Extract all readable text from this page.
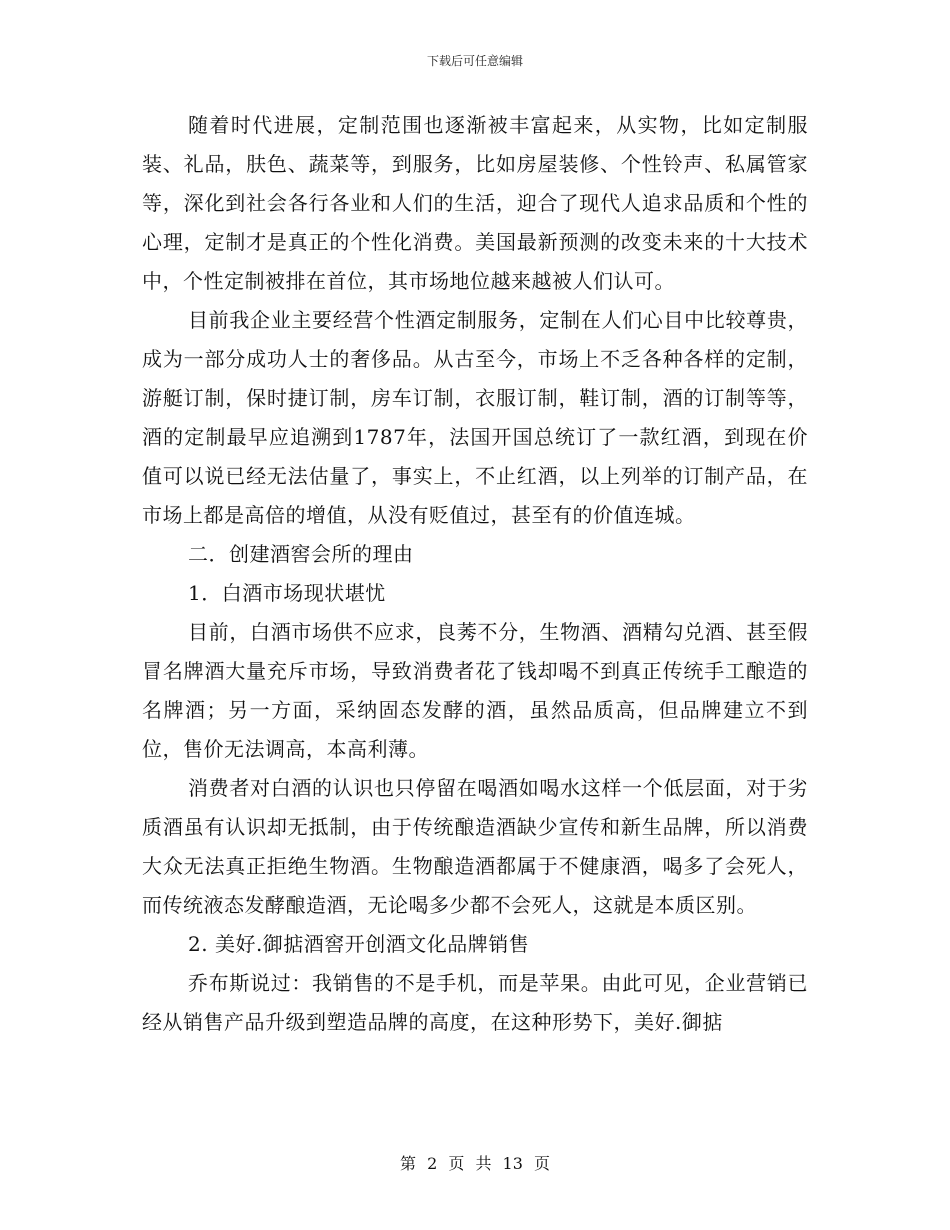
下载后可任意编辑

随着时代进展，定制范围也逐渐被丰富起来，从实物，比如定制服装、礼品，肤色、蔬菜等，到服务，比如房屋装修、个性铃声、私属管家等，深化到社会各行各业和人们的生活，迎合了现代人追求品质和个性的心理，定制才是真正的个性化消费。美国最新预测的改变未来的十大技术中，个性定制被排在首位，其市场地位越来越被人们认可。

目前我企业主要经营个性酒定制服务，定制在人们心目中比较尊贵，成为一部分成功人士的奢侈品。从古至今，市场上不乏各种各样的定制，游艇订制，保时捷订制，房车订制，衣服订制，鞋订制，酒的订制等等，酒的定制最早应追溯到1787年，法国开国总统订了一款红酒，到现在价值可以说已经无法估量了，事实上，不止红酒，以上列举的订制产品，在市场上都是高倍的增值，从没有贬值过，甚至有的价值连城。

二．创建酒窖会所的理由

1．白酒市场现状堪忧

目前，白酒市场供不应求，良莠不分，生物酒、酒精勾兑酒、甚至假冒名牌酒大量充斥市场，导致消费者花了钱却喝不到真正传统手工酿造的名牌酒；另一方面，采纳固态发酵的酒，虽然品质高，但品牌建立不到位，售价无法调高，本高利薄。

消费者对白酒的认识也只停留在喝酒如喝水这样一个低层面，对于劣质酒虽有认识却无抵制，由于传统酿造酒缺少宣传和新生品牌，所以消费大众无法真正拒绝生物酒。生物酿造酒都属于不健康酒，喝多了会死人，而传统液态发酵酿造酒，无论喝多少都不会死人，这就是本质区别。

2. 美好.御掂酒窖开创酒文化品牌销售

乔布斯说过：我销售的不是手机，而是苹果。由此可见，企业营销已经从销售产品升级到塑造品牌的高度，在这种形势下，美好.御掂

第 2 页 共 13 页
